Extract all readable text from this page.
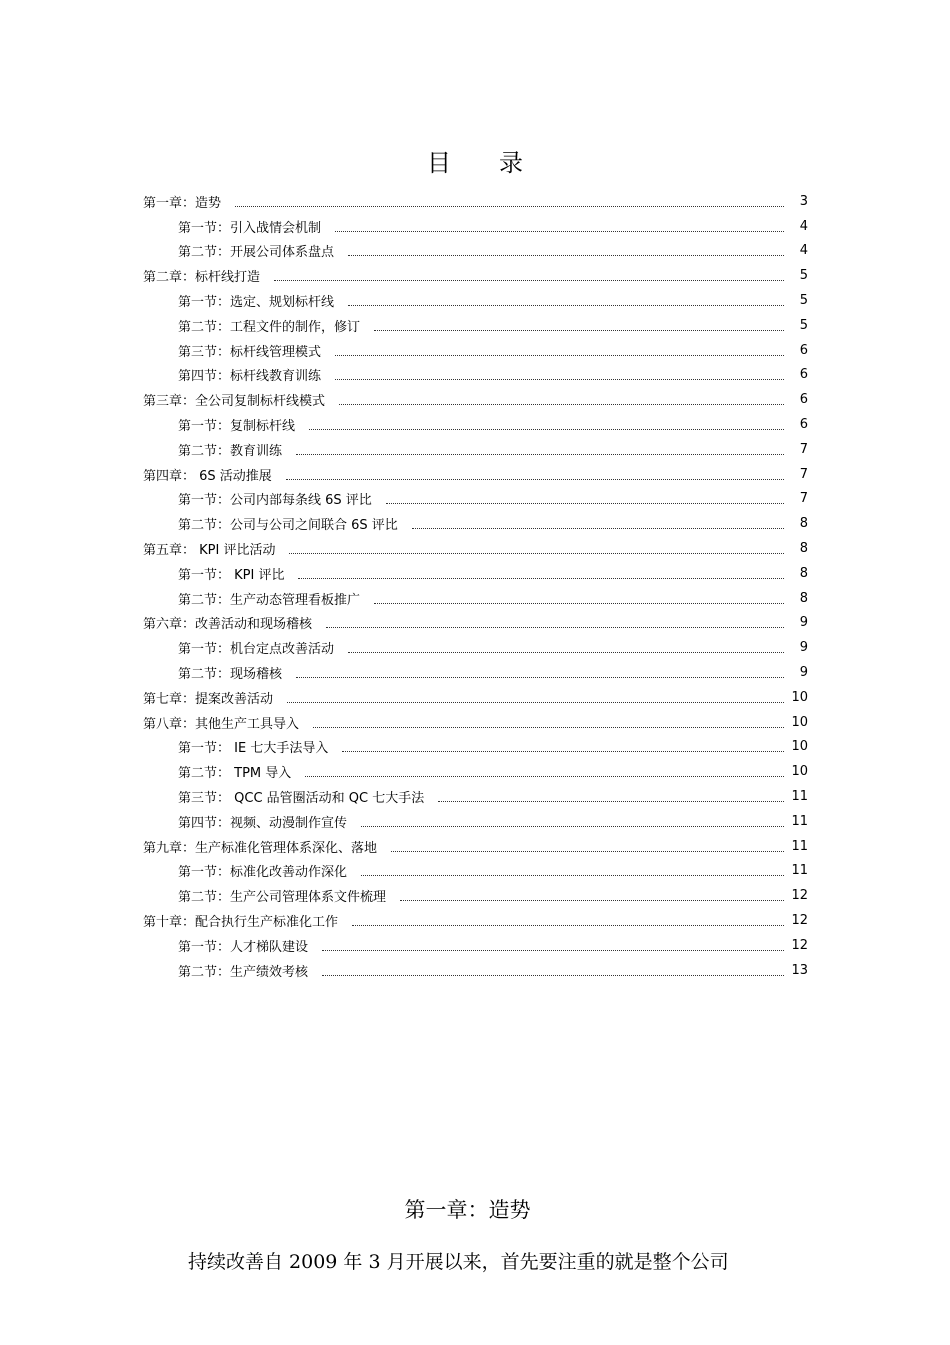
目 录
第一章：造势	3
第一节：引入战情会机制	4
第二节：开展公司体系盘点	4
第二章：标杆线打造	5
第一节：选定、规划标杆线	5
第二节：工程文件的制作，修订	5
第三节：标杆线管理模式	6
第四节：标杆线教育训练	6
第三章：全公司复制标杆线模式	6
第一节：复制标杆线	6
第二节：教育训练	7
第四章： 6S 活动推展	7
第一节：公司内部每条线 6S 评比	7
第二节：公司与公司之间联合 6S 评比	8
第五章： KPI 评比活动	8
第一节： KPI 评比	8
第二节：生产动态管理看板推广	8
第六章：改善活动和现场稽核	9
第一节：机台定点改善活动	9
第二节：现场稽核	9
第七章：提案改善活动	10
第八章：其他生产工具导入	10
第一节： IE 七大手法导入	10
第二节： TPM 导入	10
第三节： QCC 品管圈活动和 QC 七大手法	11
第四节：视频、动漫制作宣传	11
第九章：生产标准化管理体系深化、落地	11
第一节：标准化改善动作深化	11
第二节：生产公司管理体系文件梳理	12
第十章：配合执行生产标准化工作	12
第一节：人才梯队建设	12
第二节：生产绩效考核	13
第一章：造势
持续改善自 2009 年 3 月开展以来，首先要注重的就是整个公司
